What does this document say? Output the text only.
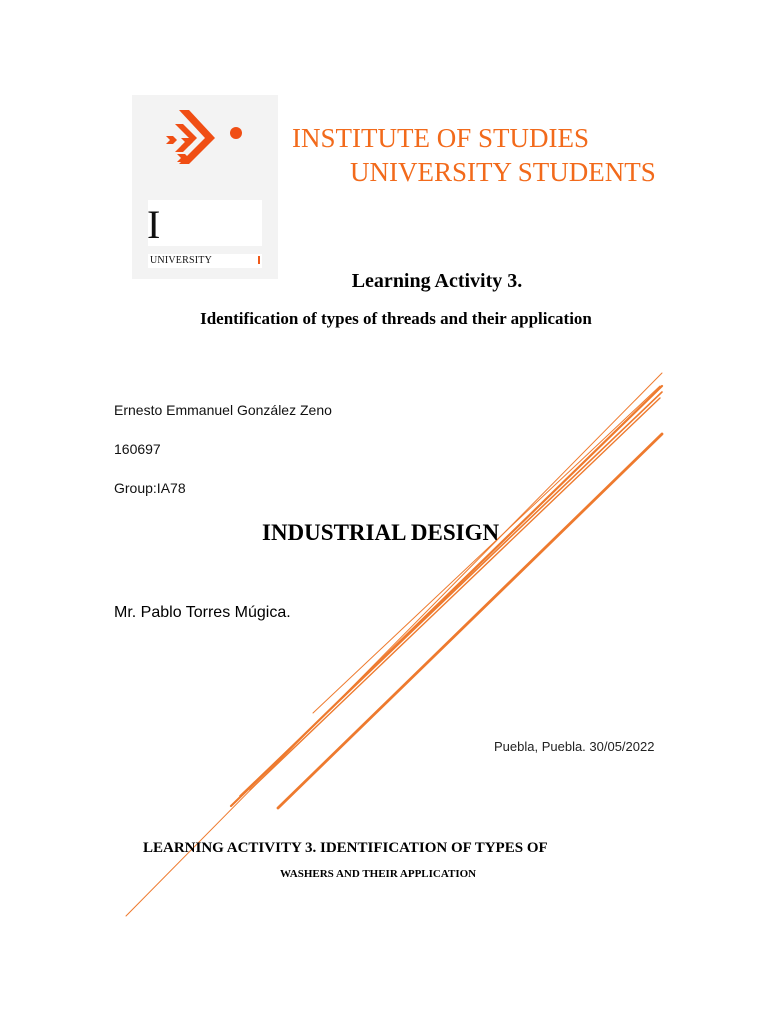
I
UNIVERSITY
INSTITUTE OF STUDIES
UNIVERSITY STUDENTS
Learning Activity 3.
Identification of types of threads and their application
Ernesto Emmanuel González Zeno
160697
Group:IA78
INDUSTRIAL DESIGN
Mr. Pablo Torres Múgica.
Puebla, Puebla. 30/05/2022
LEARNING ACTIVITY 3. IDENTIFICATION OF TYPES OF
WASHERS AND THEIR APPLICATION
